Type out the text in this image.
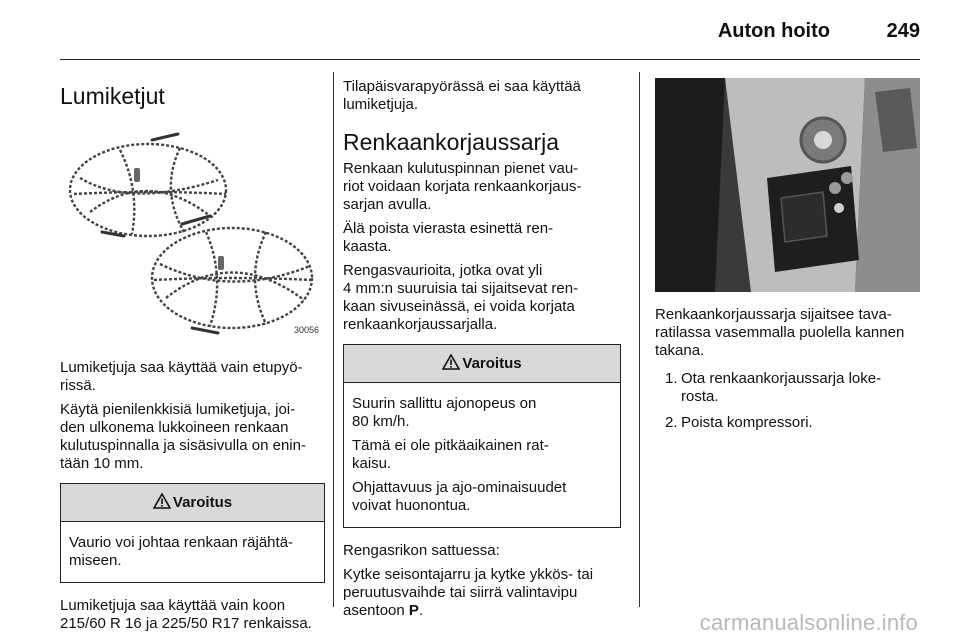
Auton hoito	249
Lumiketjut
30056

Lumiketjuja saa käyttää vain etupyö-
rissä.

Käytä pienilenkkisiä lumiketjuja, joi-
den ulkonema lukkoineen renkaan
kulutuspinnalla ja sisäsivulla on enin-
tään 10 mm.

Varoitus

Vaurio voi johtaa renkaan räjähtä-
miseen.

Lumiketjuja saa käyttää vain koon
215/60 R 16 ja 225/50 R17 renkaissa.

Tilapäisvarapyörässä ei saa käyttää
lumiketjuja.

Renkaankorjaussarja

Renkaan kulutuspinnan pienet vau-
riot voidaan korjata renkaankorjaus-
sarjan avulla.

Älä poista vierasta esinettä ren-
kaasta.

Rengasvaurioita, jotka ovat yli
4 mm:n suuruisia tai sijaitsevat ren-
kaan sivuseinässä, ei voida korjata
renkaankorjaussarjalla.

Varoitus

Suurin sallittu ajonopeus on
80 km/h.

Tämä ei ole pitkäaikainen rat-
kaisu.

Ohjattavuus ja ajo-ominaisuudet
voivat huonontua.

Rengasrikon sattuessa:

Kytke seisontajarru ja kytke ykkös- tai
peruutusvaihde tai siirrä valintavipu
asentoon P.

Renkaankorjaussarja sijaitsee tava-
ratilassa vasemmalla puolella kannen
takana.

1. Ota renkaankorjaussarja loke-
rosta.
2. Poista kompressori.
carmanualsonline.info
